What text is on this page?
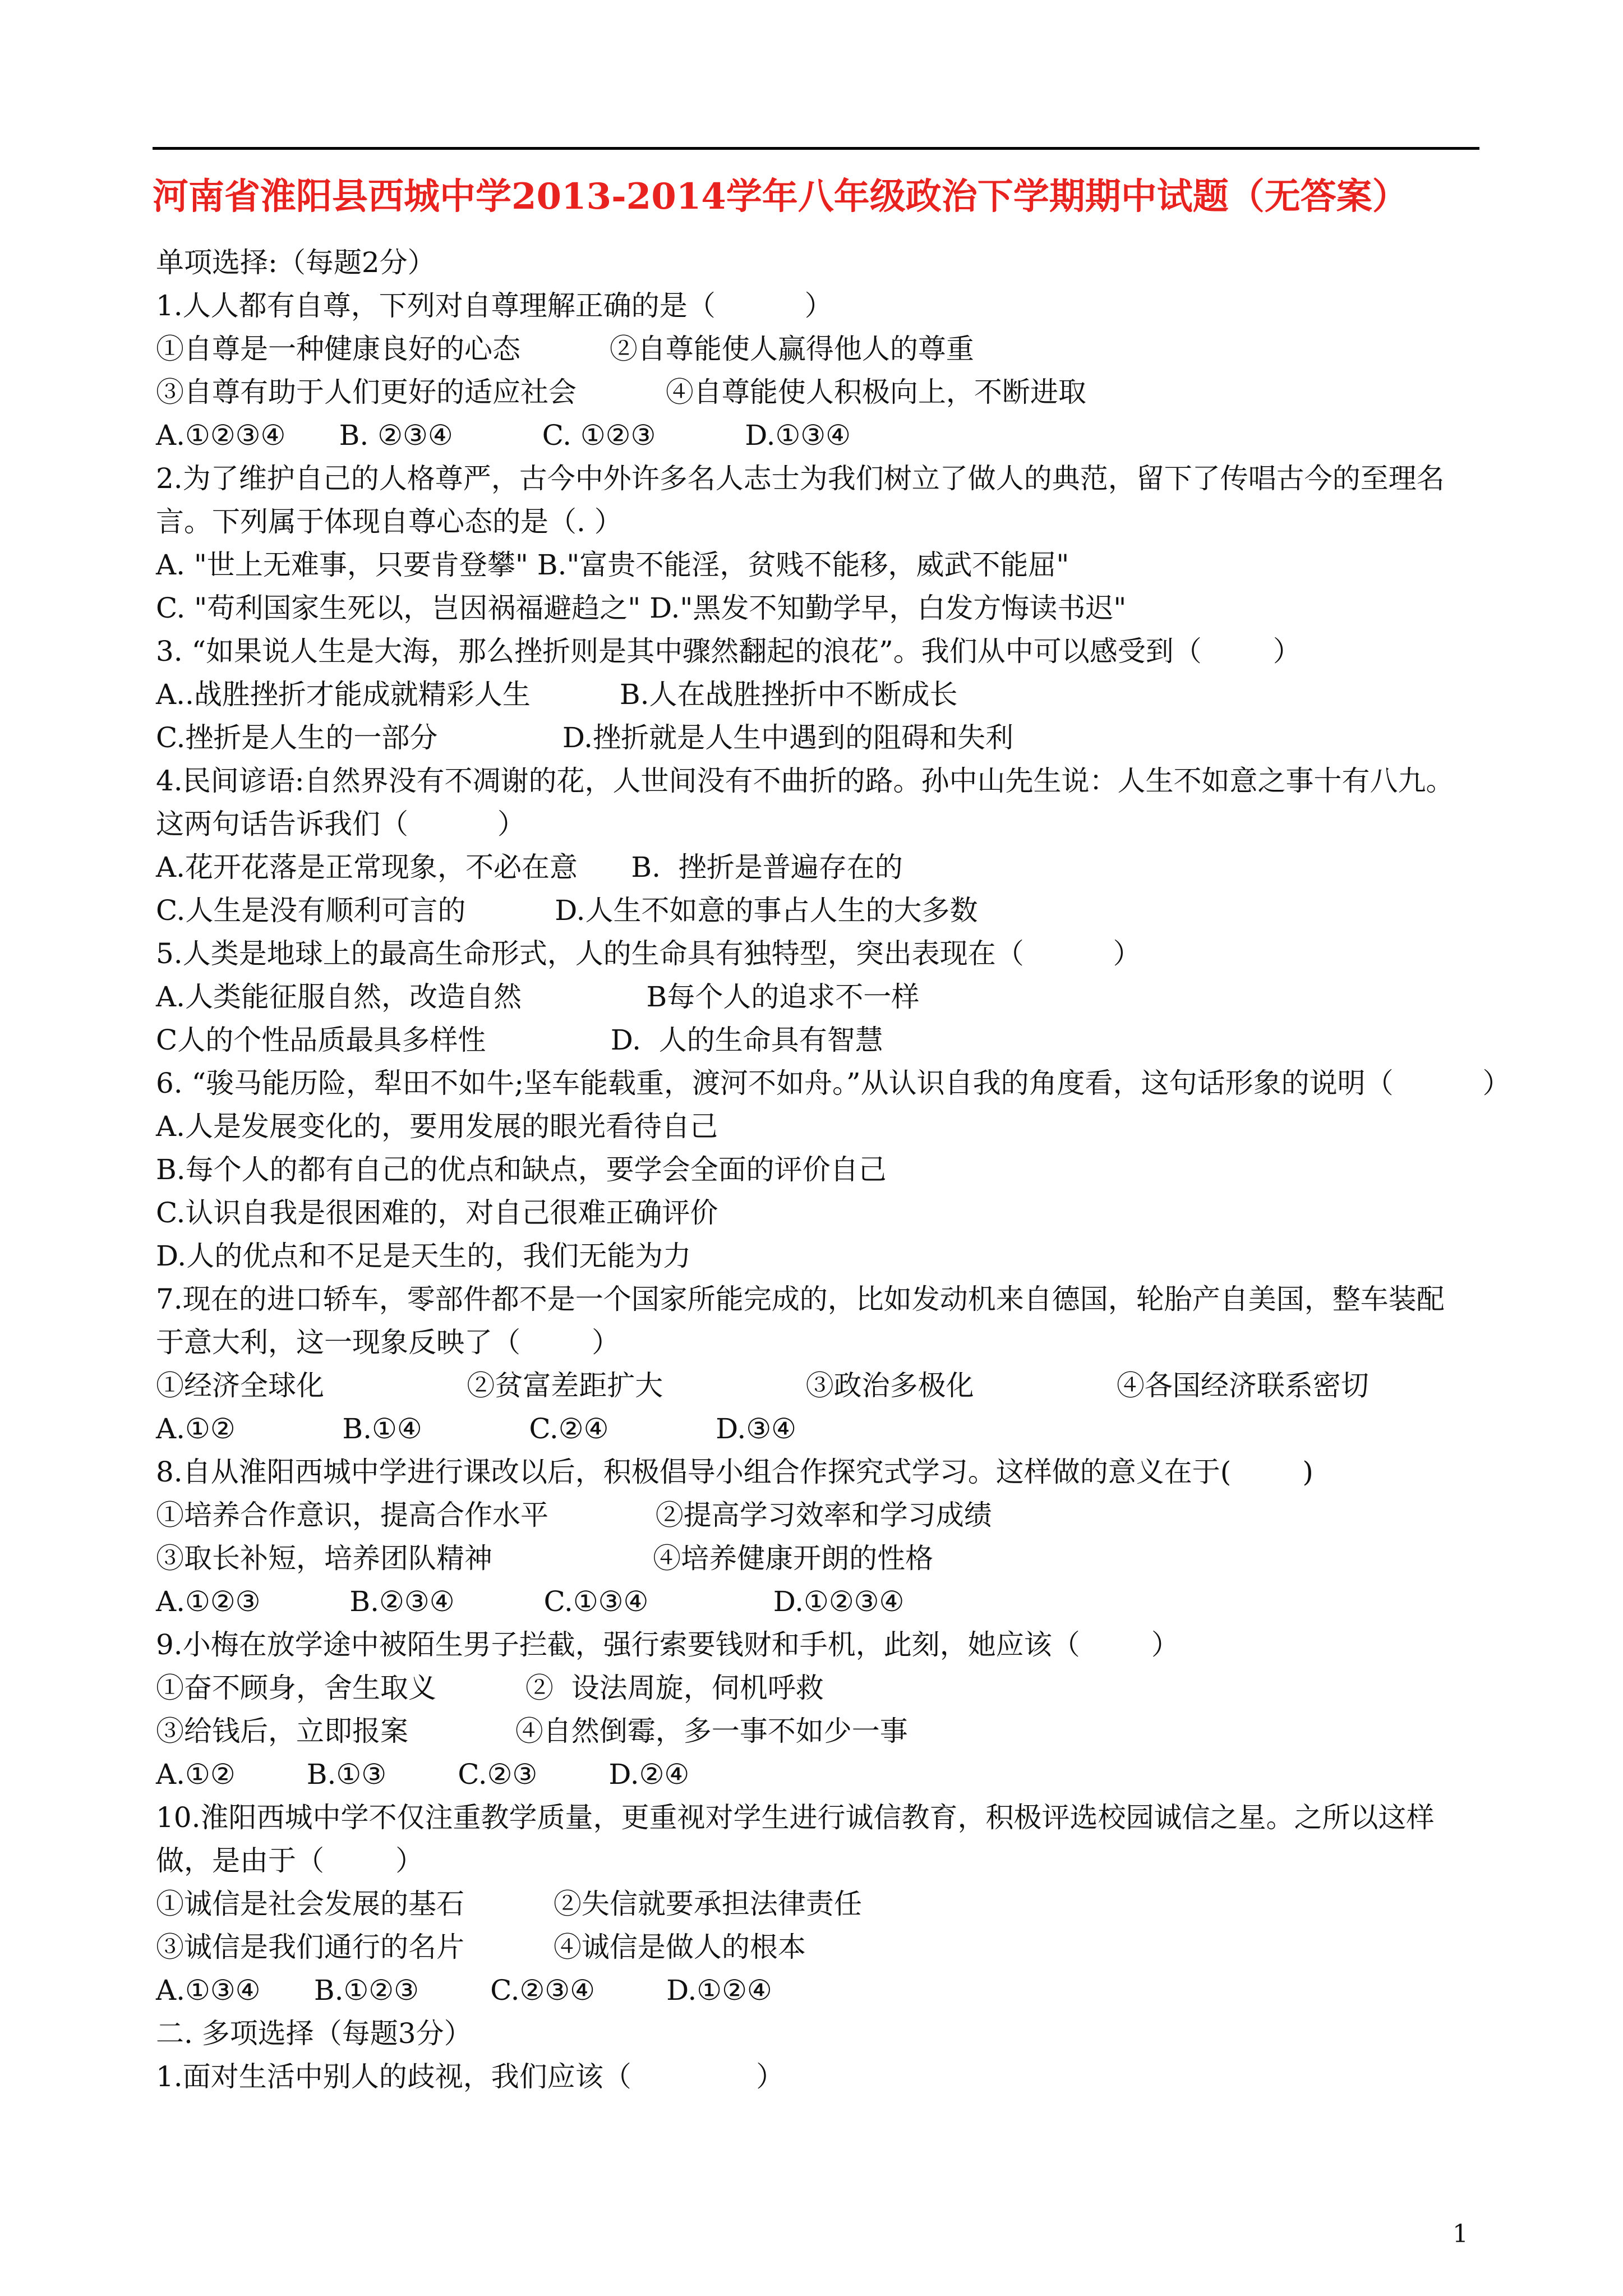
河南省淮阳县西城中学2013-2014学年八年级政治下学期期中试题（无答案）
单项选择:（每题2分）
1.人人都有自尊，下列对自尊理解正确的是（          ）
①自尊是一种健康良好的心态          ②自尊能使人赢得他人的尊重
③自尊有助于人们更好的适应社会          ④自尊能使人积极向上，不断进取
A.①②③④      B. ②③④          C. ①②③          D.①③④
2.为了维护自己的人格尊严，古今中外许多名人志士为我们树立了做人的典范，留下了传唱古今的至理名
言。下列属于体现自尊心态的是（. ）
A. "世上无难事，只要肯登攀" B."富贵不能淫，贫贱不能移，威武不能屈"
C. "苟利国家生死以，岂因祸福避趋之" D."黑发不知勤学早，白发方悔读书迟"
3. “如果说人生是大海，那么挫折则是其中骤然翻起的浪花”。我们从中可以感受到（        ）
A..战胜挫折才能成就精彩人生          B.人在战胜挫折中不断成长
C.挫折是人生的一部分              D.挫折就是人生中遇到的阻碍和失利
4.民间谚语:自然界没有不凋谢的花，人世间没有不曲折的路。孙中山先生说：人生不如意之事十有八九。
这两句话告诉我们（          ）
A.花开花落是正常现象，不必在意      B.  挫折是普遍存在的
C.人生是没有顺利可言的          D.人生不如意的事占人生的大多数
5.人类是地球上的最高生命形式，人的生命具有独特型，突出表现在（          ）
A.人类能征服自然，改造自然              B每个人的追求不一样
C人的个性品质最具多样性              D.  人的生命具有智慧
6. “骏马能历险，犁田不如牛;坚车能载重，渡河不如舟。”从认识自我的角度看，这句话形象的说明（          ）
A.人是发展变化的，要用发展的眼光看待自己
B.每个人的都有自己的优点和缺点，要学会全面的评价自己
C.认识自我是很困难的，对自己很难正确评价
D.人的优点和不足是天生的，我们无能为力
7.现在的进口轿车，零部件都不是一个国家所能完成的，比如发动机来自德国，轮胎产自美国，整车装配
于意大利，这一现象反映了（        ）
①经济全球化                ②贫富差距扩大                ③政治多极化                ④各国经济联系密切
A.①②            B.①④            C.②④            D.③④
8.自从淮阳西城中学进行课改以后，积极倡导小组合作探究式学习。这样做的意义在于(        )
①培养合作意识，提高合作水平            ②提高学习效率和学习成绩
③取长补短，培养团队精神                  ④培养健康开朗的性格
A.①②③          B.②③④          C.①③④              D.①②③④
9.小梅在放学途中被陌生男子拦截，强行索要钱财和手机，此刻，她应该（        ）
①奋不顾身，舍生取义          ②  设法周旋，伺机呼救
③给钱后，立即报案            ④自然倒霉，多一事不如少一事
A.①②        B.①③        C.②③        D.②④
10.淮阳西城中学不仅注重教学质量，更重视对学生进行诚信教育，积极评选校园诚信之星。之所以这样
做，是由于（        ）
①诚信是社会发展的基石          ②失信就要承担法律责任
③诚信是我们通行的名片          ④诚信是做人的根本
A.①③④      B.①②③        C.②③④        D.①②④
二. 多项选择（每题3分）
1.面对生活中别人的歧视，我们应该（              ）
1
